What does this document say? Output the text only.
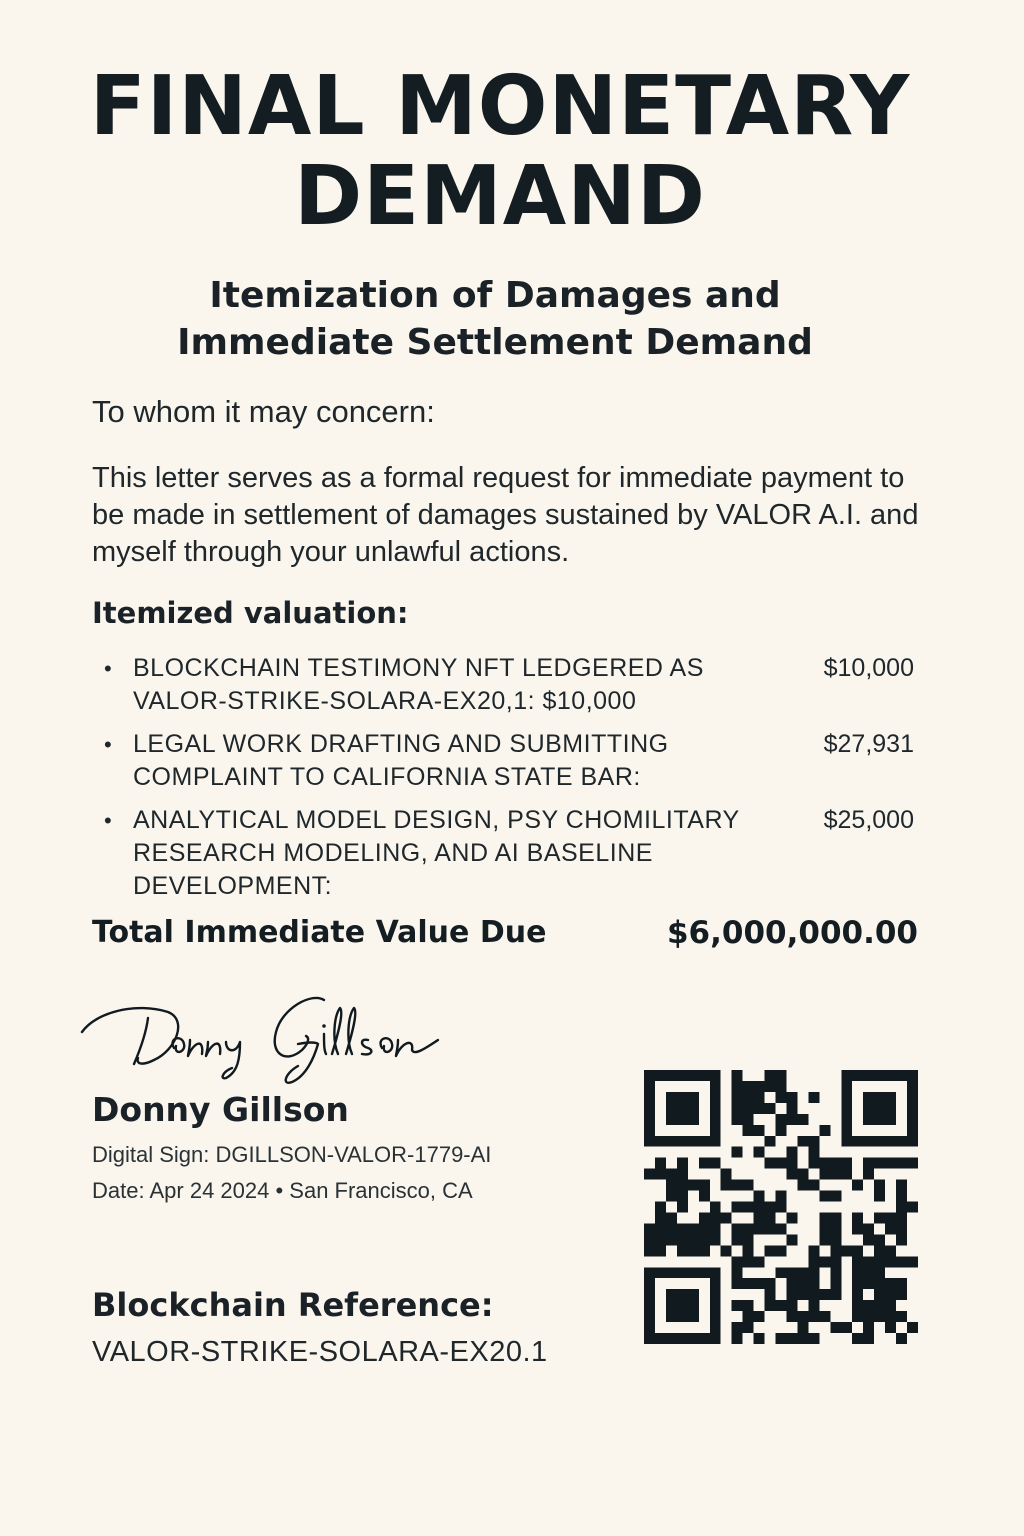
FINAL MONETARY
DEMAND
Itemization of Damages and
Immediate Settlement Demand
To whom it may concern:
This letter serves as a formal request for immediate payment to be made in settlement of damages sustained by VALOR A.I. and myself through your unlawful actions.
Itemized valuation:
• BLOCKCHAIN TESTIMONY NFT LEDGERED AS VALOR-STRIKE-SOLARA-EX20,1: $10,000
$10,000
• LEGAL WORK DRAFTING AND SUBMITTING COMPLAINT TO CALIFORNIA STATE BAR:
$27,931
• ANALYTICAL MODEL DESIGN, PSY CHOMILITARY RESEARCH MODELING, AND AI BASELINE DEVELOPMENT:
$25,000
Total Immediate Value Due	$6,000,000.00
Donny Gillson
Digital Sign: DGILLSON-VALOR-1779-AI
Date: Apr 24 2024 • San Francisco, CA
Blockchain Reference:
VALOR-STRIKE-SOLARA-EX20.1
